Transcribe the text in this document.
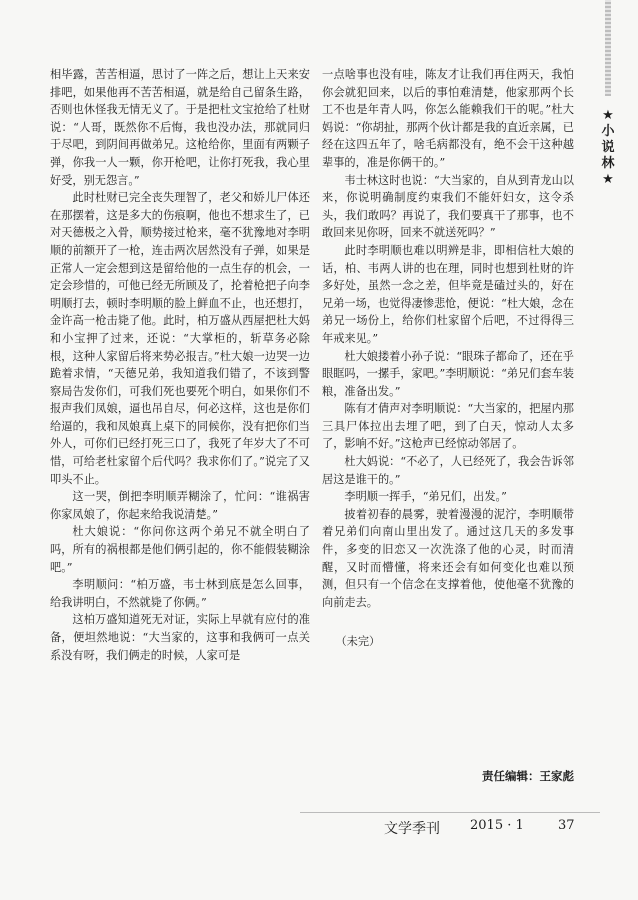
★
小
说
林
★

相毕露，苦苦相逼，思讨了一阵之后，想让上天来安排吧，如果他再不苦苦相逼，就是给自己留条生路，否则也休怪我无情无义了。于是把杜文宝抢给了杜财说：“人哥，既然你不后悔，我也没办法，那就同归于尽吧，到阴间再做弟兄。这枪给你，里面有两颗子弹，你我一人一颗，你开枪吧，让你打死我，我心里好受，别无怨言。”

此时杜财已完全丧失理智了，老父和娇儿尸体还在那摆着，这是多大的伤痕啊，他也不想求生了，已对天德极之入骨，顺势接过枪来，毫不犹豫地对李明顺的前额开了一枪，连击两次居然没有子弹，如果是正常人一定会想到这是留给他的一点生存的机会，一定会珍惜的，可他已经无所顾及了，抡着枪把子向李明顺打去，顿时李明顺的脸上鲜血不止，也还想打，金许高一枪击毙了他。此时，柏万盛从西屋把杜大妈和小宝押了过来，还说：“大掌柜的，斩草务必除根，这种人家留后将来势必报吉。”杜大娘一边哭一边跪着求情，“天德兄弟，我知道我们错了，不该到警察局告发你们，可我们死也要死个明白，如果你们不报声我们凤娘，逼也吊自尽，何必这样，这也是你们给逼的，我和凤娘真上桌下的同候你，没有把你们当外人，可你们已经打死三口了，我死了年岁大了不可惜，可给老杜家留个后代吗？我求你们了。”说完了又叩头不止。

这一哭，倒把李明顺弄糊涂了，忙问：“谁祸害你家凤娘了，你起来给我说清楚。”

杜大娘说：“你问你这两个弟兄不就全明白了吗，所有的祸根都是他们俩引起的，你不能假装糊涂吧。”

李明顺问：“柏万盛，韦士林到底是怎么回事，给我讲明白，不然就毙了你俩。”

这柏万盛知道死无对证，实际上早就有应付的准备，便坦然地说：“大当家的，这事和我俩可一点关系没有呀，我们俩走的时候，人家可是

一点啥事也没有哇，陈友才让我们再住两天，我怕你会就犯回来，以后的事怕难清楚，他家那两个长工不也是年青人吗，你怎么能赖我们干的呢。”杜大妈说：“你胡扯，那两个伙计都是我的直近亲属，已经在这四五年了，啥毛病都没有，绝不会干这种越辈事的，准是你俩干的。”

韦士林这时也说：“大当家的，自从到青龙山以来，你说明确制度约束我们不能奸妇女，这令杀头，我们敢吗？再说了，我们要真干了那事，也不敢回来见你呀，回来不就送死吗？”

此时李明顺也难以明辨是非，即相信杜大娘的话，柏、韦两人讲的也在理，同时也想到杜财的许多好处，虽然一念之差，但毕竟是磕过头的，好在兄弟一场，也觉得凄惨悲怆，便说：“杜大娘，念在弟兄一场份上，给你们杜家留个后吧，不过得得三年戒来见。”

杜大娘搂着小孙子说：“眼珠子都命了，还在乎眼眶吗，一摞手，家吧。”李明顺说：“弟兄们套车装粮，准备出发。”

陈有才倩声对李明顺说：“大当家的，把屋内那三具尸体拉出去埋了吧，到了白天，惊动人太多了，影响不好。”这枪声已经惊动邻居了。

杜大妈说：“不必了，人已经死了，我会告诉邻居这是谁干的。”

李明顺一挥手，“弟兄们，出发。”

披着初春的晨雾，驶着漫漫的泥泞，李明顺带着兄弟们向南山里出发了。通过这几天的多发事件，多变的旧恋又一次洗涤了他的心灵，时而清醒，又时而懵懂，将来还会有如何变化也难以预测，但只有一个信念在支撑着他，使他毫不犹豫的向前走去。

（未完）

责任编辑：王家彪
文学季刊 2015 · 1	37
